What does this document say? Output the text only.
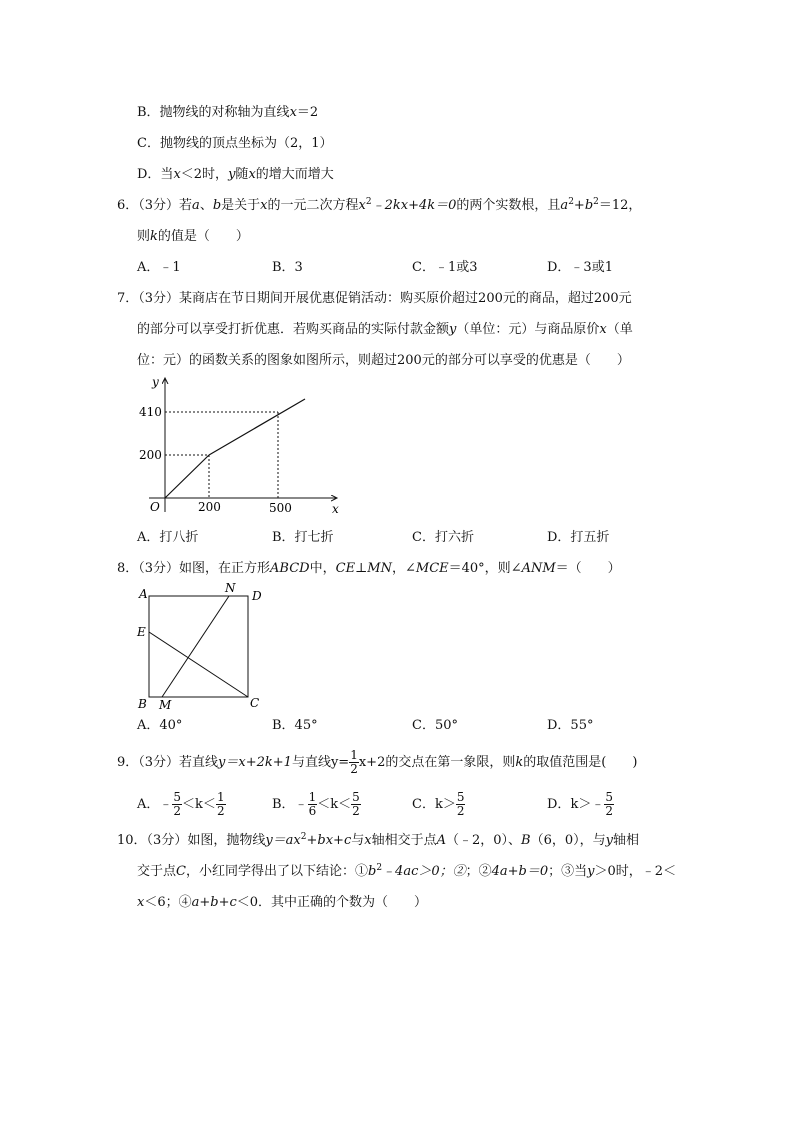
B．抛物线的对称轴为直线x＝2
C．抛物线的顶点坐标为（2，1）
D．当x＜2时，y随x的增大而增大
6．（3分）若a、b是关于x的一元二次方程$x^2﹣2kx+4k=0$的两个实数根，且$a^2+b^2=12$，
则k的值是（　　）
A．﹣1	B．3	C．﹣1或3	D．﹣3或1
7．（3分）某商店在节日期间开展优惠促销活动：购买原价超过200元的商品，超过200元
的部分可以享受打折优惠．若购买商品的实际付款金额y（单位：元）与商品原价x（单
位：元）的函数关系的图象如图所示，则超过200元的部分可以享受的优惠是（　　）
y
x
O
410
200
200	500
A．打八折	B．打七折	C．打六折	D．打五折
8．（3分）如图，在正方形ABCD中，CE⊥MN，∠MCE＝40°，则∠ANM＝（　　）
A	N
D
E
B M	C
A．40°	B．45°	C．50°	D．55°
9．（3分）若直线y＝x+2k+1与直线$y= \frac{1}{2} x+2$的交点在第一象限，则k的取值范围是(　　)
A．﹣ $\frac{5}{2} <k< \frac{1}{2}$	B．﹣ $\frac{1}{6} <k< \frac{5}{2}$	C．$k> \frac{5}{2}$	D．k＞﹣ $\frac{5}{2}$
10．（3分）如图，抛物线$y=ax^2+bx+c$与x轴相交于点A（﹣2，0）、B（6，0），与y轴相
交于点C，小红同学得出了以下结论：$①b^2﹣4ac>0$；②；②4a+b＝0；③当y＞0时，﹣2＜
x＜6；④a+b+c＜0．其中正确的个数为（　　）
